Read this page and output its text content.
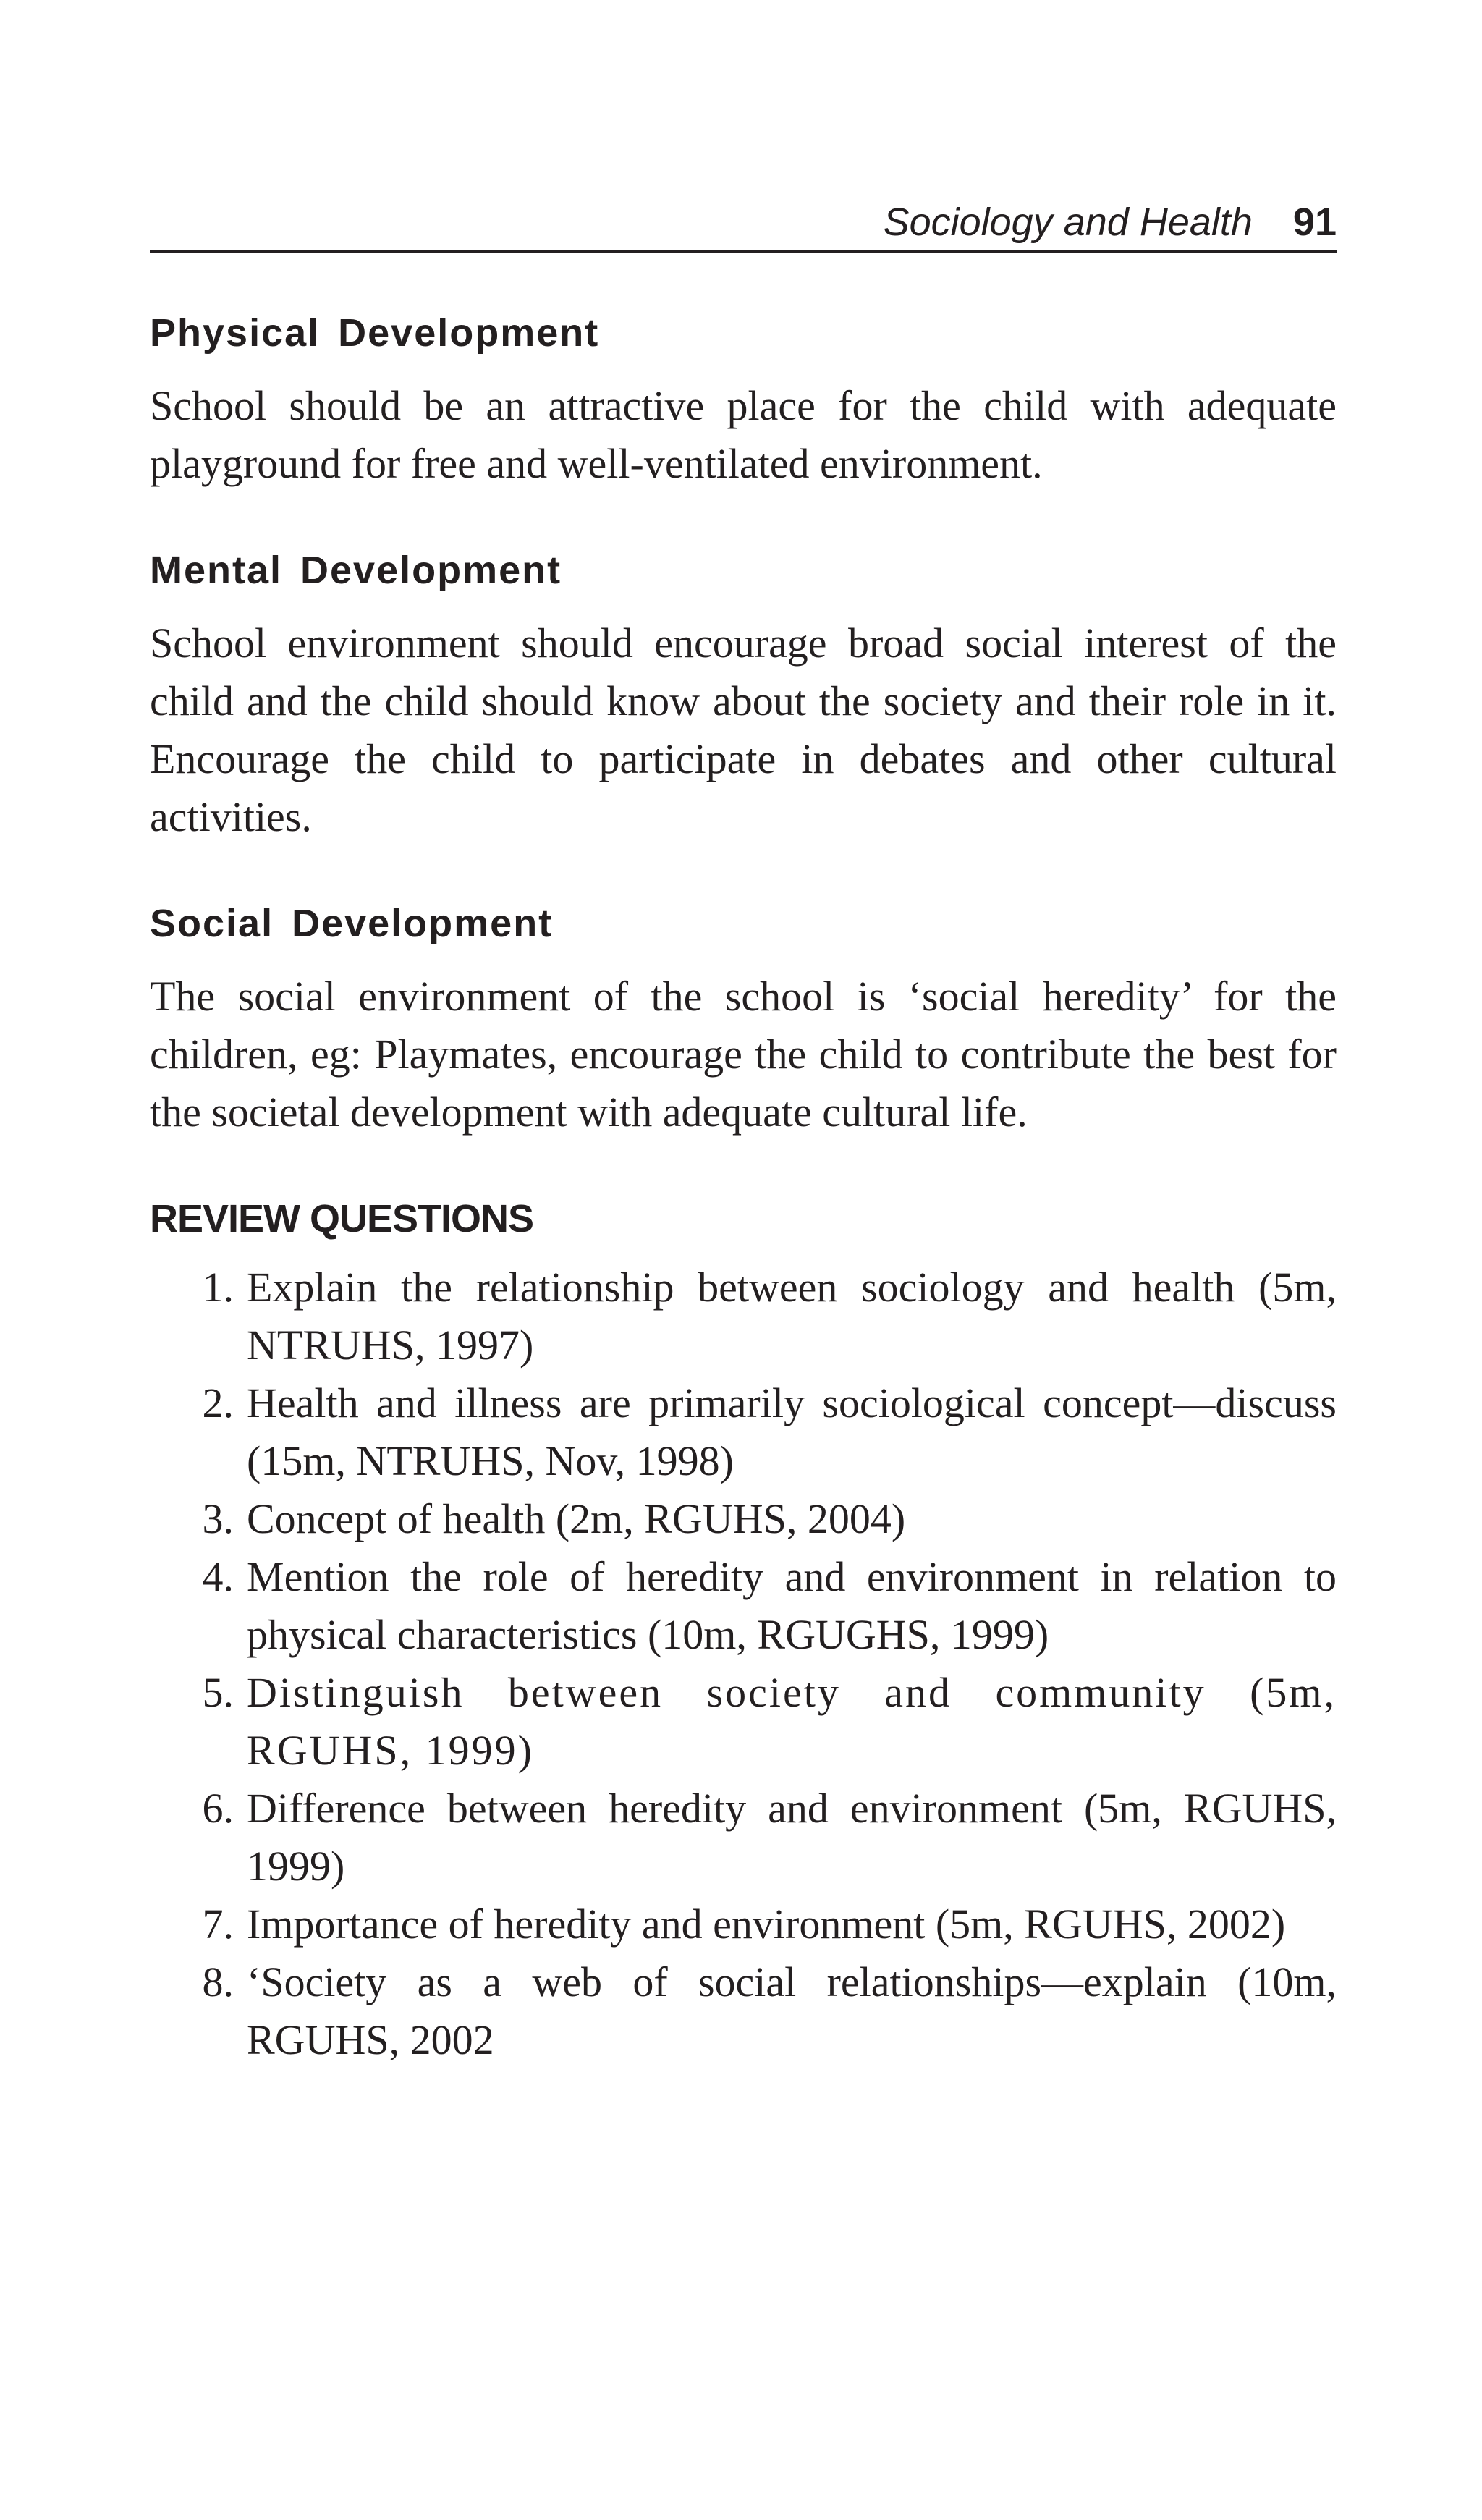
Sociology and Health 91
Physical Development

School should be an attractive place for the child with adequate playground for free and well-ventilated environment.

Mental Development

School environment should encourage broad social interest of the child and the child should know about the society and their role in it. Encourage the child to participate in debates and other cultural activities.

Social Development

The social environment of the school is ‘social heredity’ for the children, eg: Playmates, encourage the child to contribute the best for the societal development with adequate cultural life.

REVIEW QUESTIONS
1. Explain the relationship between sociology and health (5m, NTRUHS, 1997)
2. Health and illness are primarily sociological concept—discuss (15m, NTRUHS, Nov, 1998)
3. Concept of health (2m, RGUHS, 2004)
4. Mention the role of heredity and environment in relation to physical characteristics (10m, RGUGHS, 1999)
5. Distinguish between society and community (5m, RGUHS, 1999)
6. Difference between heredity and environment (5m, RGUHS, 1999)
7. Importance of heredity and environment (5m, RGUHS, 2002)
8. ‘Society as a web of social relationships—explain (10m, RGUHS, 2002
